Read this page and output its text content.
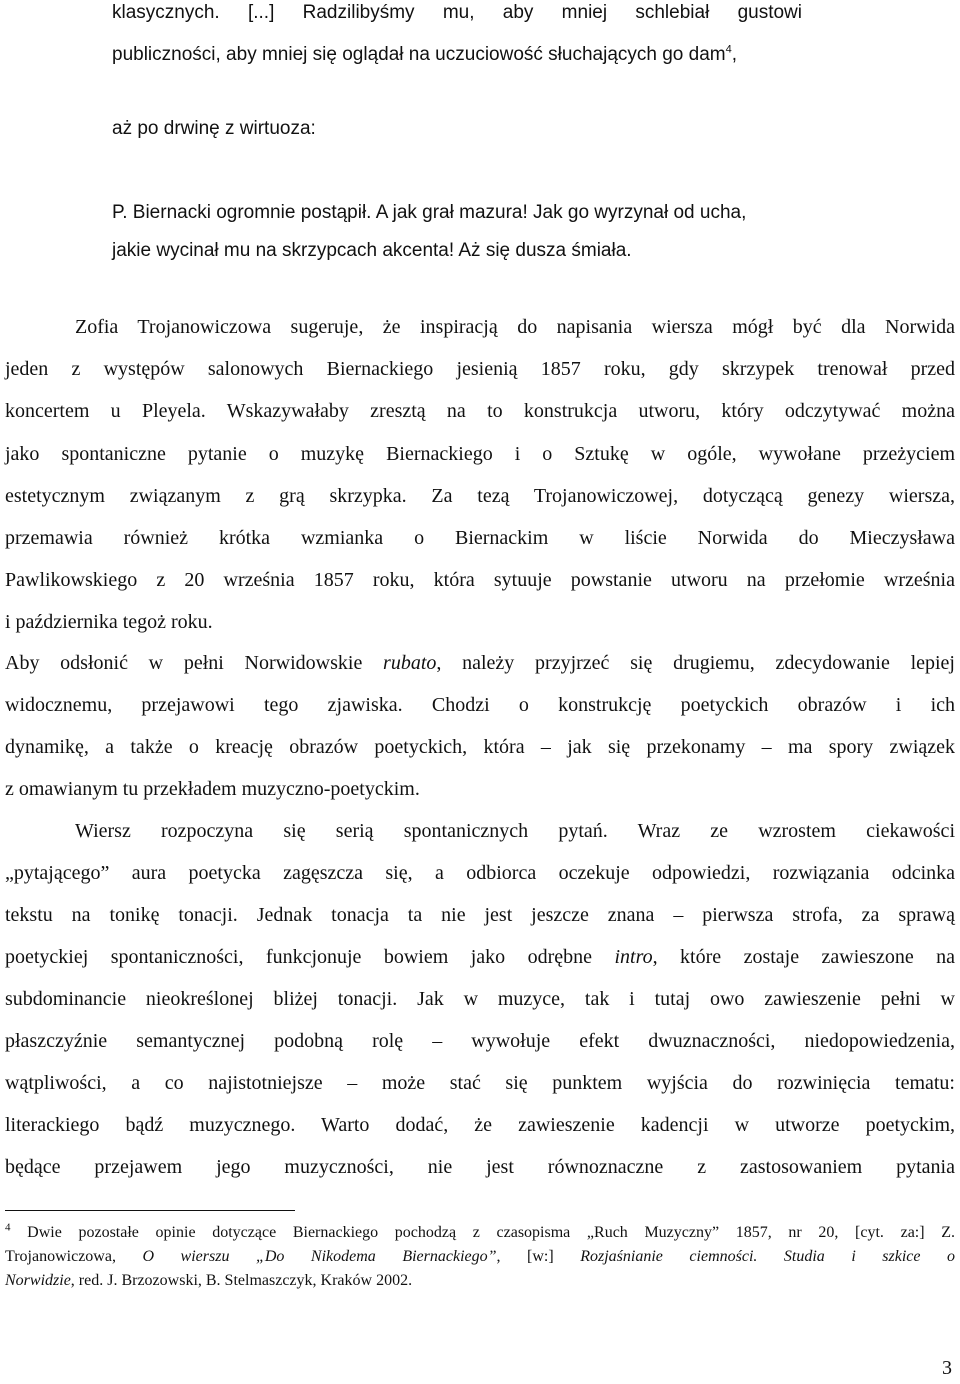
klasycznych. [...] Radzilibyśmy mu, aby mniej schlebiał gustowi
publiczności, aby mniej się oglądał na uczuciowość słuchających go dam$^4$,
aż po drwinę z wirtuoza:
P. Biernacki ogromnie postąpił. A jak grał mazura! Jak go wyrzynał od ucha,
jakie wycinał mu na skrzypcach akcenta! Aż się dusza śmiała.
Zofia Trojanowiczowa sugeruje, że inspiracją do napisania wiersza mógł być dla Norwida
jeden z występów salonowych Biernackiego jesienią 1857 roku, gdy skrzypek trenował przed
koncertem u Pleyela. Wskazywałaby zresztą na to konstrukcja utworu, który odczytywać można
jako spontaniczne pytanie o muzykę Biernackiego i o Sztukę w ogóle, wywołane przeżyciem
estetycznym związanym z grą skrzypka. Za tezą Trojanowiczowej, dotyczącą genezy wiersza,
przemawia również krótka wzmianka o Biernackim w liście Norwida do Mieczysława
Pawlikowskiego z 20 września 1857 roku, która sytuuje powstanie utworu na przełomie września
i października tegoż roku.
Aby odsłonić w pełni Norwidowskie rubato, należy przyjrzeć się drugiemu, zdecydowanie lepiej
widocznemu, przejawowi tego zjawiska. Chodzi o konstrukcję poetyckich obrazów i ich
dynamikę, a także o kreację obrazów poetyckich, która – jak się przekonamy – ma spory związek
z omawianym tu przekładem muzyczno-poetyckim.
Wiersz rozpoczyna się serią spontanicznych pytań. Wraz ze wzrostem ciekawości
„pytającego” aura poetycka zagęszcza się, a odbiorca oczekuje odpowiedzi, rozwiązania odcinka
tekstu na tonikę tonacji. Jednak tonacja ta nie jest jeszcze znana – pierwsza strofa, za sprawą
poetyckiej spontaniczności, funkcjonuje bowiem jako odrębne intro, które zostaje zawieszone na
subdominancie nieokreślonej bliżej tonacji. Jak w muzyce, tak i tutaj owo zawieszenie pełni w
płaszczyźnie semantycznej podobną rolę – wywołuje efekt dwuznaczności, niedopowiedzenia,
wątpliwości, a co najistotniejsze – może stać się punktem wyjścia do rozwinięcia tematu:
literackiego bądź muzycznego. Warto dodać, że zawieszenie kadencji w utworze poetyckim,
będące przejawem jego muzyczności, nie jest równoznaczne z zastosowaniem pytania
$^4$ Dwie pozostałe opinie dotyczące Biernackiego pochodzą z czasopisma „Ruch Muzyczny” 1857, nr 20, [cyt. za:] Z.
Trojanowiczowa, O wierszu „Do Nikodema Biernackiego”, [w:] Rozjaśnianie ciemności. Studia i szkice o
Norwidzie, red. J. Brzozowski, B. Stelmaszczyk, Kraków 2002.
3
